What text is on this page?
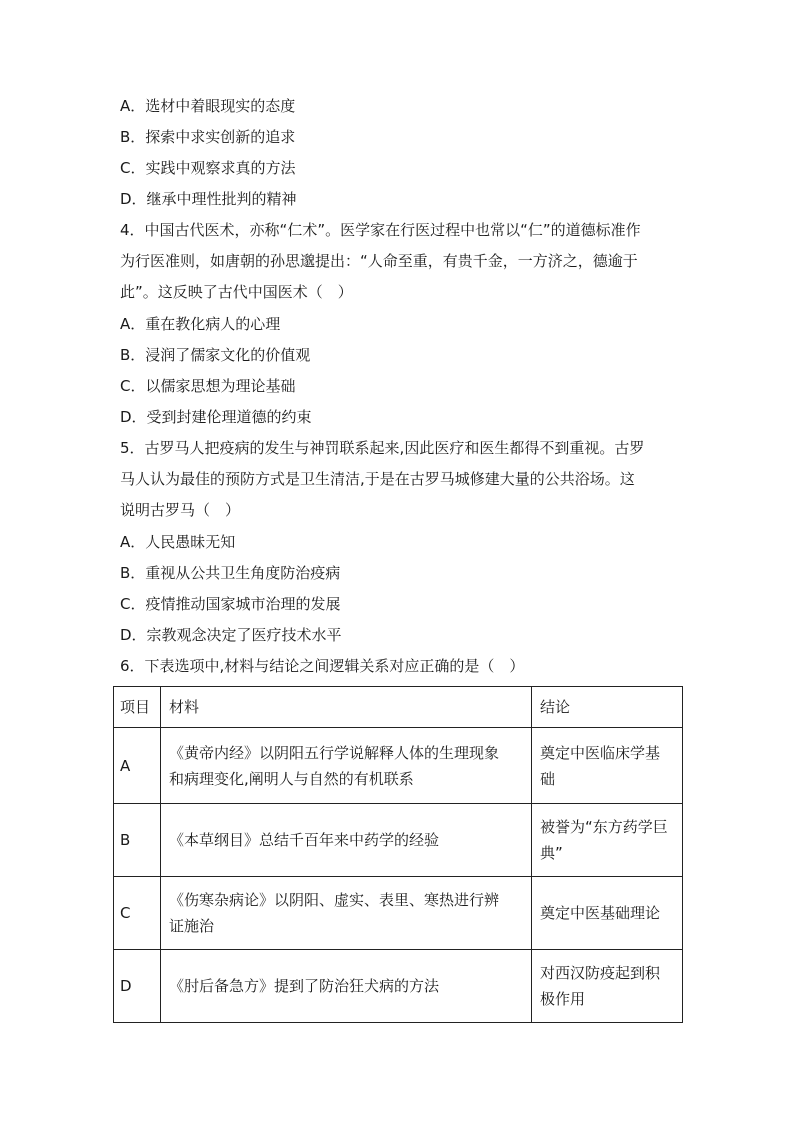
A．选材中着眼现实的态度
B．探索中求实创新的追求
C．实践中观察求真的方法
D．继承中理性批判的精神
4．中国古代医术，亦称“仁术”。医学家在行医过程中也常以“仁”的道德标准作
为行医准则，如唐朝的孙思邈提出：“人命至重，有贵千金，一方济之，德逾于
此”。这反映了古代中国医术（　）
A．重在教化病人的心理
B．浸润了儒家文化的价值观
C．以儒家思想为理论基础
D．受到封建伦理道德的约束
5．古罗马人把疫病的发生与神罚联系起来,因此医疗和医生都得不到重视。古罗
马人认为最佳的预防方式是卫生清洁,于是在古罗马城修建大量的公共浴场。这
说明古罗马（　）
A．人民愚昧无知
B．重视从公共卫生角度防治疫病
C．疫情推动国家城市治理的发展
D．宗教观念决定了医疗技术水平
6．下表选项中,材料与结论之间逻辑关系对应正确的是（　）
项目	材料	结论
A	《黄帝内经》以阴阳五行学说解释人体的生理现象
和病理变化,阐明人与自然的有机联系	奠定中医临床学基
础
B	《本草纲目》总结千百年来中药学的经验	被誉为“东方药学巨
典”
C	《伤寒杂病论》以阴阳、虚实、表里、寒热进行辨
证施治	奠定中医基础理论
D	《肘后备急方》提到了防治狂犬病的方法	对西汉防疫起到积
极作用
